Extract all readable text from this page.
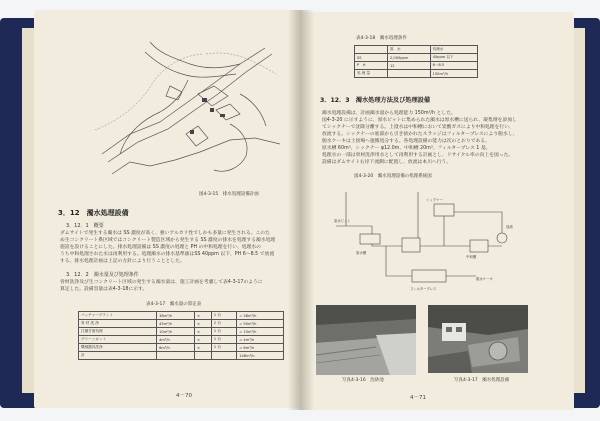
図4-3-15　排水処理設備計画
3．12　濁水処理設備
3．12．1　概要
ダムサイトで発生する濁水は SS 濃度が高く、強いアルカリ性でしかも多量に発生される。このた
め生コンクリート系区域ではコンクリート製造区域から発生する SS 濃度の排水を処理する濁水処理
施設を設けることにした。排水処理設備は SS 濃度の処理と PH の中和処理を行い、処理水の
うち中和処理された水は再利用する。処理濁水の排水基準値はSS 40ppm 以下、PH 6～8.5 で放流
する。排水処理計画は上記の方針により行うこととした。
3．12．2　濁水量及び処理条件
骨材洗浄及び生コンクリート区域の発生する濁水量は、施工計画を考慮して表4-3-17のように
算定した。設備容量は表4-3-18に示す。
表4-3-17　濁水量の算定表
バッチャープラント	38m³/h	×	1 台	= 38m³/h
骨 材 洗 浄	45m³/h	×	2 台	= 90m³/h
打継ぎ面処理	10m³/h	×	1 台	= 10m³/h
グリーンカット	4m³/h	×	1 台	= 4m³/h
機械器具洗浄	6m³/h	×	1 台	= 6m³/h
計				148m³/h
4－70
表4-3-18　濁水処理条件
	原　水	処理水
SS	2,000ppm	40ppm 以下
P　H	12	6～8.5
処 理 量		150m³/h
3．12．3　濁水処理方法及び処理設備
濁水処理設備は、計画濁水量から処理能力 150m³/h とした。
図4-3-20 に示すように、原水ピットに集められた濁水は原水槽に送られ、凝集剤を添加し
てシックナーで沈降分離する。上澄水は中和槽において炭酸ガスにより中和処理を行い、
放流する。シックナーの底部から引き抜かれたスラッジはフィルタープレスにより脱水し、
脱水ケーキは土捨場へ運搬処分する。各処理設備の能力は次のとおりである。
原水槽 60m³、シックナー φ12.0m、中和槽 20m³、フィルタープレス 1 基。
処理水の一部は骨材洗浄用水として再利用する計画とし、リサイクル率の向上を図った。
設備はダムサイト右岸下流側に配置し、放流は本川へ行う。
図4-3-20　濁水処理設備の処理系統図
原水ピット
原水槽
シックナー
中和槽
放流
フィルタープレス
脱水ケーキ
写真4-3-16　沈砂池	写真4-3-17　濁水処理設備
4－71
